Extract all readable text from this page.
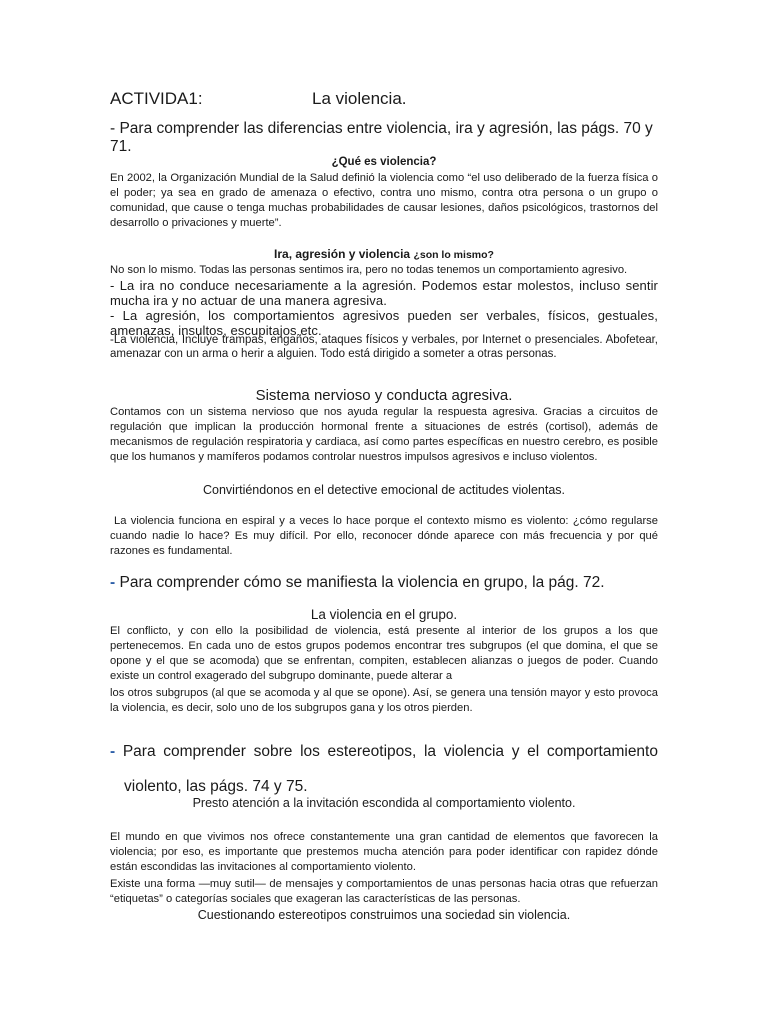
ACTIVIDA1:	La violencia.

- Para comprender las diferencias entre violencia, ira y agresión, las págs. 70 y 71.

¿Qué es violencia?

En 2002, la Organización Mundial de la Salud definió la violencia como “el uso deliberado de la fuerza física o el poder; ya sea en grado de amenaza o efectivo, contra uno mismo, contra otra persona o un grupo o comunidad, que cause o tenga muchas probabilidades de causar lesiones, daños psicológicos, trastornos del desarrollo o privaciones y muerte”.

Ira, agresión y violencia ¿son lo mismo?

No son lo mismo. Todas las personas sentimos ira, pero no todas tenemos un comportamiento agresivo.

- La ira no conduce necesariamente a la agresión. Podemos estar molestos, incluso sentir mucha ira y no actuar de una manera agresiva.

- La agresión, los comportamientos agresivos pueden ser verbales, físicos, gestuales, amenazas, insultos, escupitajos etc.

-La violencia, Incluye trampas, engaños, ataques físicos y verbales, por Internet o presenciales. Abofetear, amenazar con un arma o herir a alguien. Todo está dirigido a someter a otras personas.

Sistema nervioso y conducta agresiva.

Contamos con un sistema nervioso que nos ayuda regular la respuesta agresiva. Gracias a circuitos de regulación que implican la producción hormonal frente a situaciones de estrés (cortisol), además de mecanismos de regulación respiratoria y cardiaca, así como partes específicas en nuestro cerebro, es posible que los humanos y mamíferos podamos controlar nuestros impulsos agresivos e incluso violentos.

Convirtiéndonos en el detective emocional de actitudes violentas.

La violencia funciona en espiral y a veces lo hace porque el contexto mismo es violento: ¿cómo regularse cuando nadie lo hace? Es muy difícil. Por ello, reconocer dónde aparece con más frecuencia y por qué razones es fundamental.

- Para comprender cómo se manifiesta la violencia en grupo, la pág. 72.

La violencia en el grupo.

El conflicto, y con ello la posibilidad de violencia, está presente al interior de los grupos a los que pertenecemos. En cada uno de estos grupos podemos encontrar tres subgrupos (el que domina, el que se opone y el que se acomoda) que se enfrentan, compiten, establecen alianzas o juegos de poder. Cuando existe un control exagerado del subgrupo dominante, puede alterar a

los otros subgrupos (al que se acomoda y al que se opone). Así, se genera una tensión mayor y esto provoca la violencia, es decir, solo uno de los subgrupos gana y los otros pierden.

- Para comprender sobre los estereotipos, la violencia y el comportamiento

violento, las págs. 74 y 75.

Presto atención a la invitación escondida al comportamiento violento.

El mundo en que vivimos nos ofrece constantemente una gran cantidad de elementos que favorecen la violencia; por eso, es importante que prestemos mucha atención para poder identificar con rapidez dónde están escondidas las invitaciones al comportamiento violento.

Existe una forma —muy sutil— de mensajes y comportamientos de unas personas hacia otras que refuerzan “etiquetas” o categorías sociales que exageran las características de las personas.

Cuestionando estereotipos construimos una sociedad sin violencia.
